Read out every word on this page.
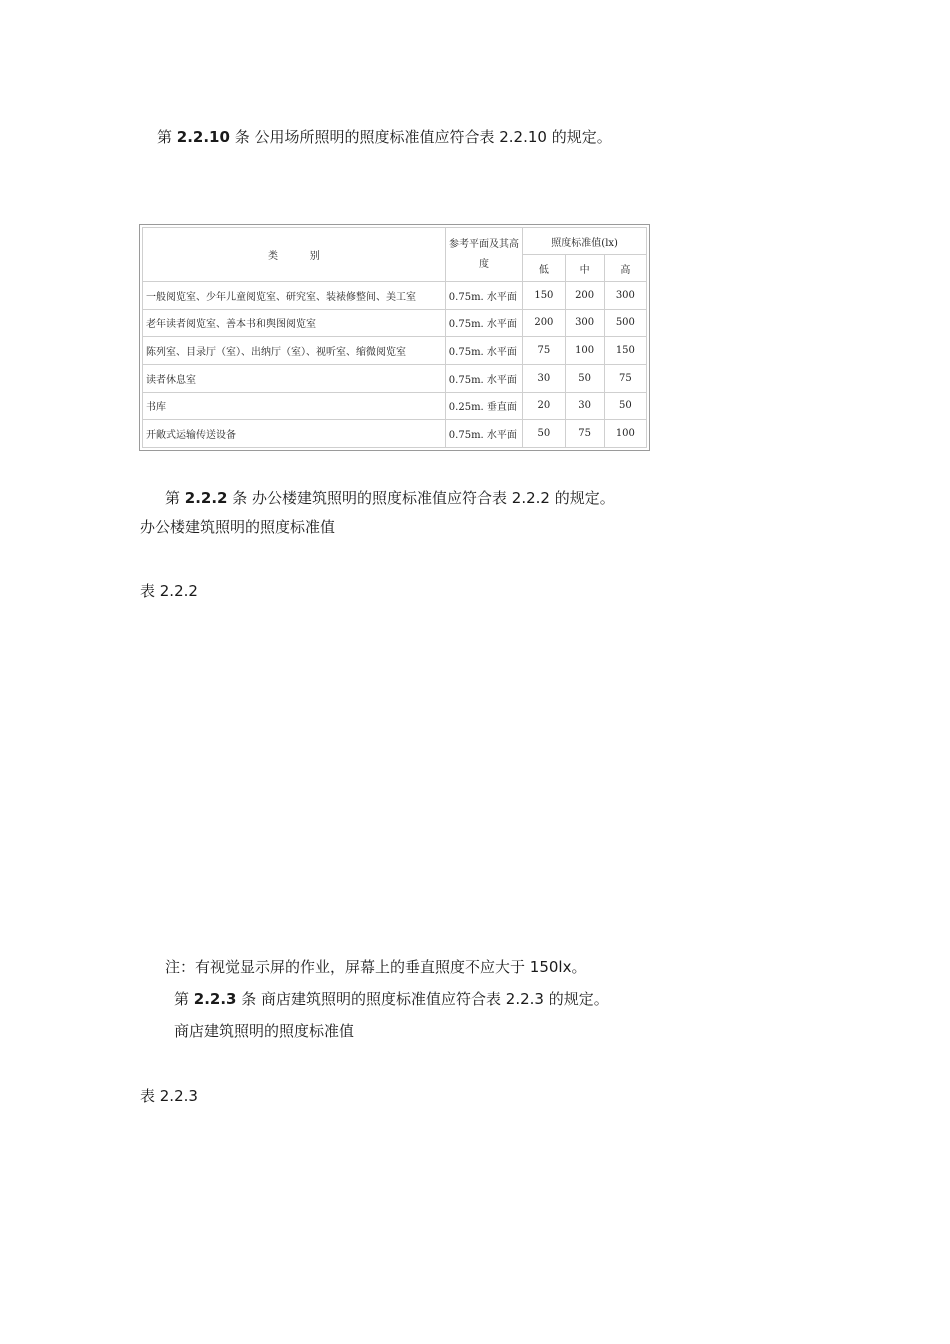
第 2.2.10 条 公用场所照明的照度标准值应符合表 2.2.10 的规定。
类          别	参考平面及其高度	照度标准值(lx)		
		低	中	高
一般阅览室、少年儿童阅览室、研究室、装裱修整间、美工室	0.75m. 水平面	150	200	300
老年读者阅览室、善本书和舆图阅览室	0.75m. 水平面	200	300	500
陈列室、目录厅（室）、出纳厅（室）、视听室、缩微阅览室	0.75m. 水平面	75	100	150
读者休息室	0.75m. 水平面	30	50	75
书库	0.25m. 垂直面	20	30	50
开敞式运输传送设备	0.75m. 水平面	50	75	100
第 2.2.2 条 办公楼建筑照明的照度标准值应符合表 2.2.2 的规定。
办公楼建筑照明的照度标准值
表 2.2.2
注：有视觉显示屏的作业，屏幕上的垂直照度不应大于 150lx。
第 2.2.3 条 商店建筑照明的照度标准值应符合表 2.2.3 的规定。
商店建筑照明的照度标准值
表 2.2.3
